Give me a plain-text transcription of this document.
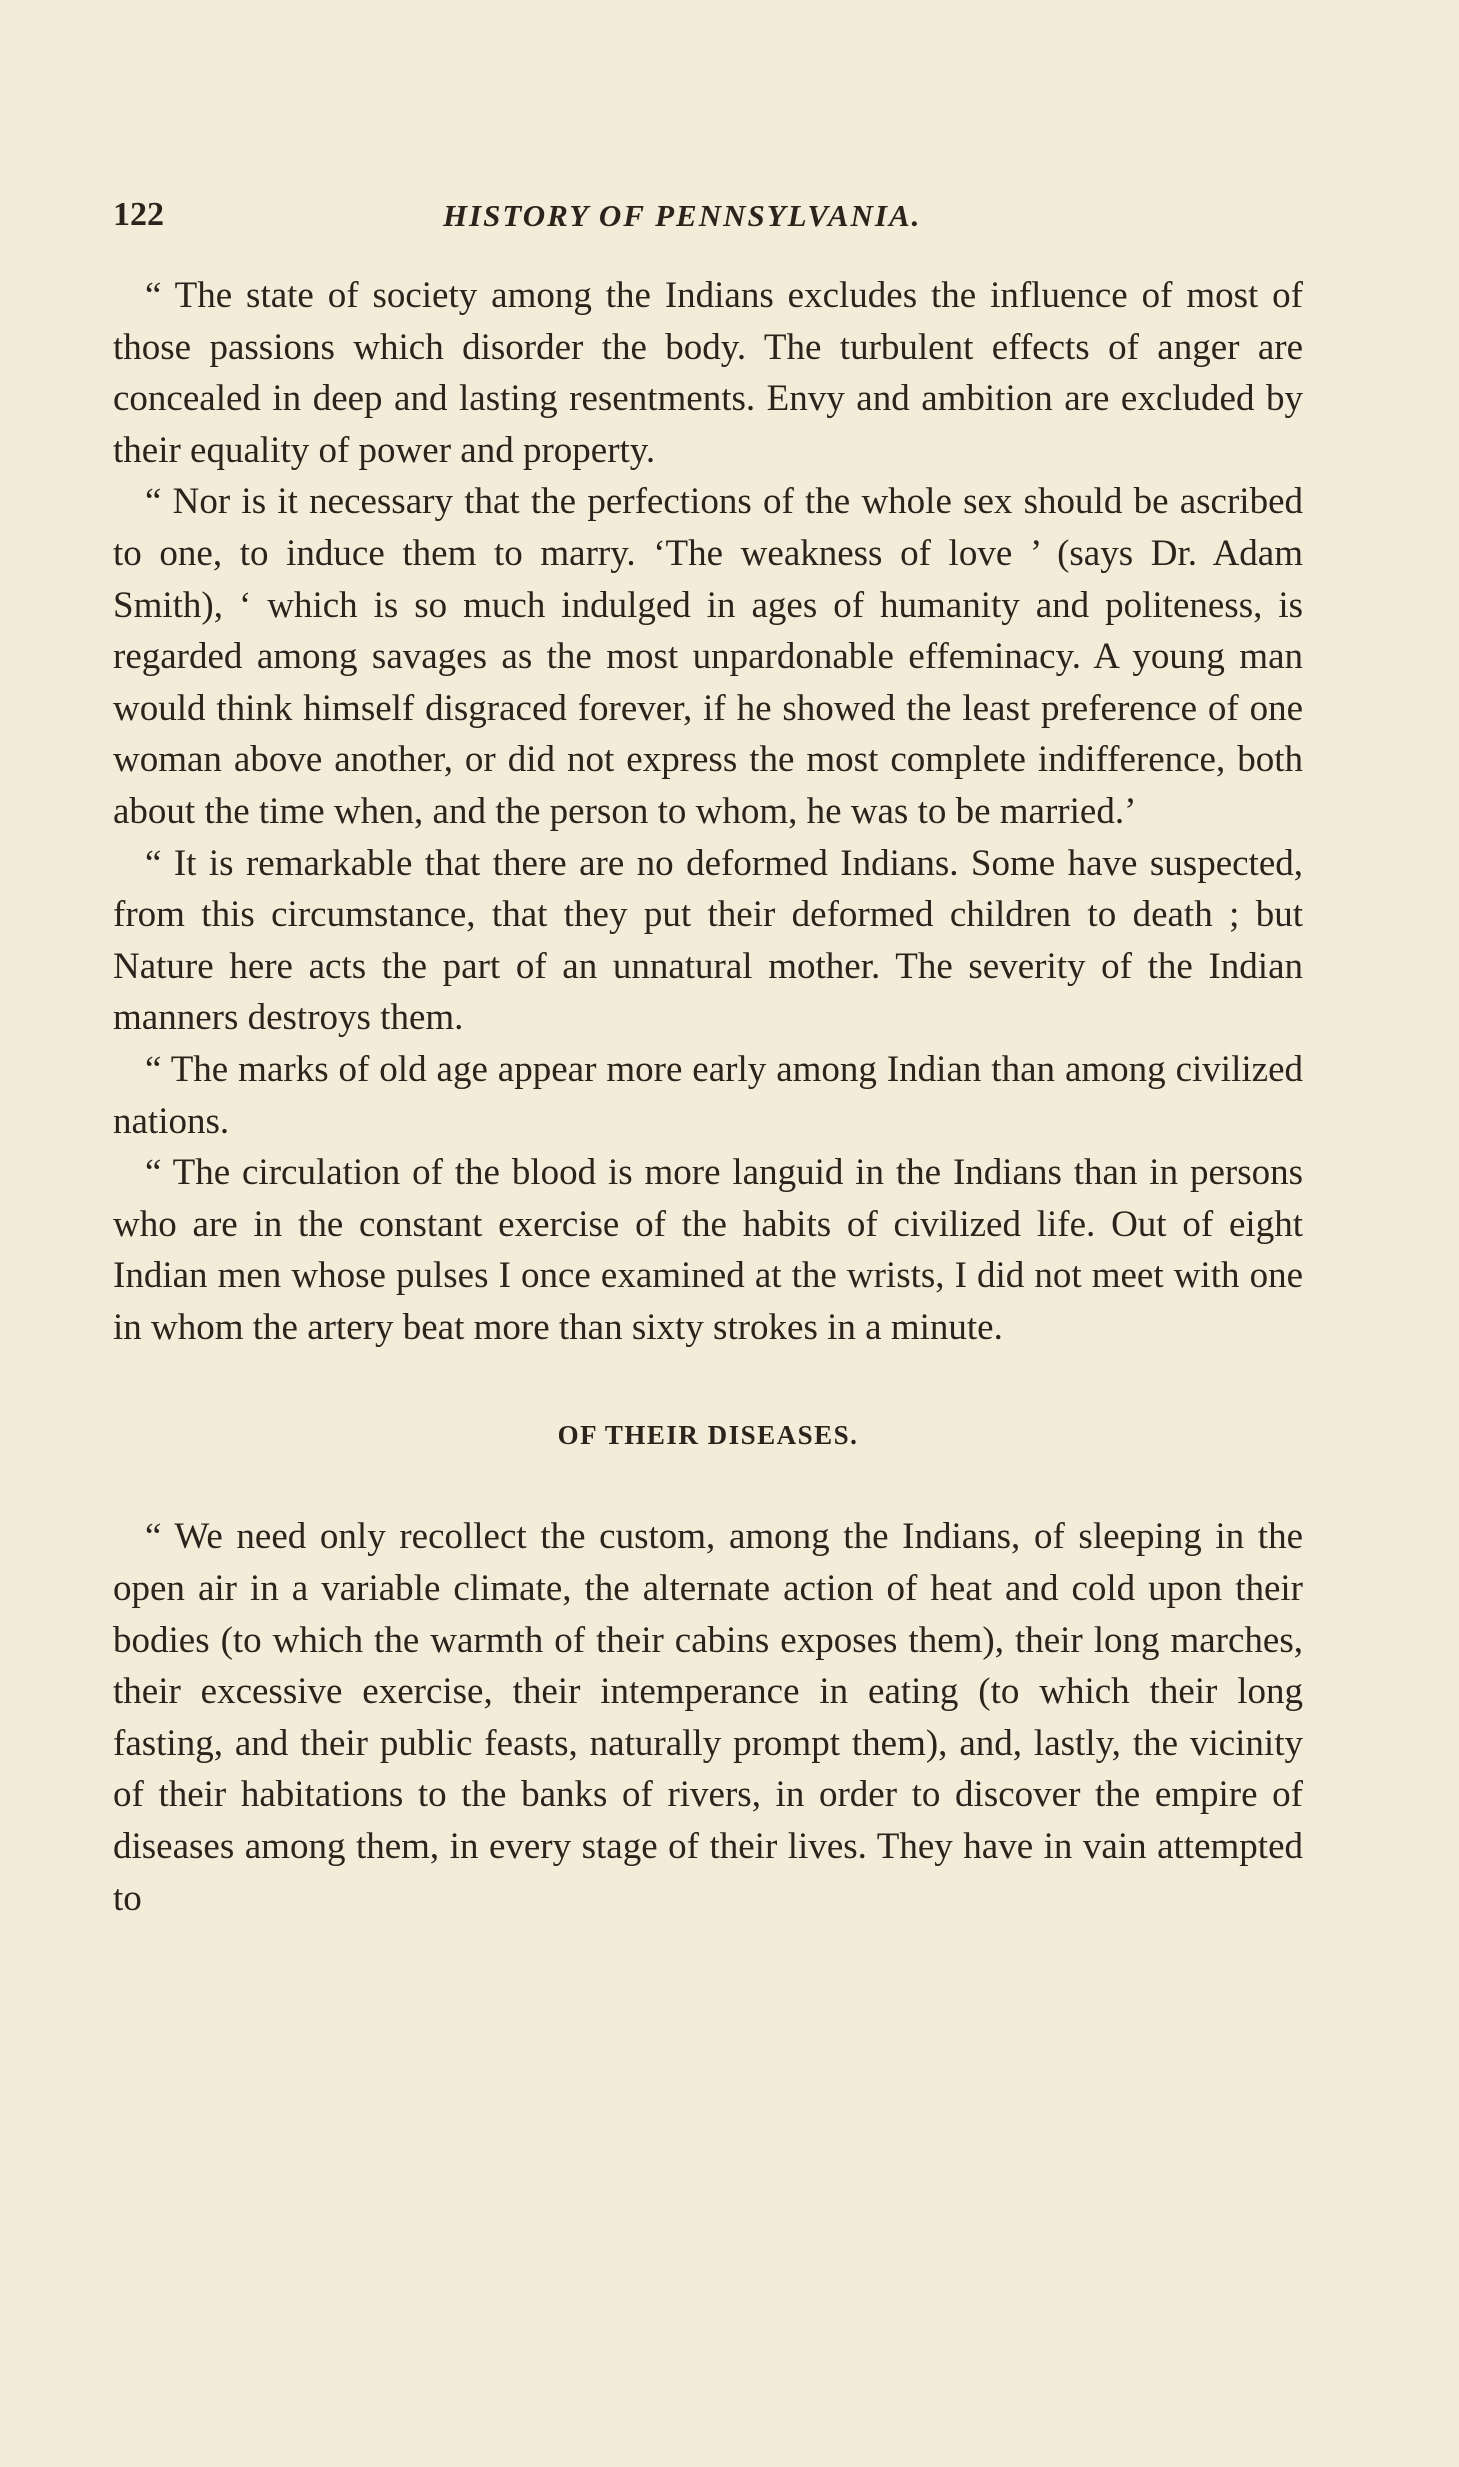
122	HISTORY OF PENNSYLVANIA.

“ The state of society among the Indians excludes the influence of most of those passions which disorder the body. The turbulent effects of anger are concealed in deep and lasting resentments. Envy and ambition are excluded by their equality of power and property.

“ Nor is it necessary that the perfections of the whole sex should be ascribed to one, to induce them to marry. ‘The weakness of love ’ (says Dr. Adam Smith), ‘ which is so much indulged in ages of humanity and politeness, is regarded among savages as the most unpardonable effeminacy. A young man would think himself disgraced forever, if he showed the least preference of one woman above another, or did not express the most complete indifference, both about the time when, and the person to whom, he was to be married.’

“ It is remarkable that there are no deformed Indians. Some have suspected, from this circumstance, that they put their deformed children to death ; but Nature here acts the part of an unnatural mother. The severity of the Indian manners destroys them.

“ The marks of old age appear more early among Indian than among civilized nations.

“ The circulation of the blood is more languid in the Indians than in persons who are in the constant exercise of the habits of civilized life. Out of eight Indian men whose pulses I once examined at the wrists, I did not meet with one in whom the artery beat more than sixty strokes in a minute.

OF THEIR DISEASES.

“ We need only recollect the custom, among the Indians, of sleeping in the open air in a variable climate, the alternate action of heat and cold upon their bodies (to which the warmth of their cabins exposes them), their long marches, their excessive exercise, their intemperance in eating (to which their long fasting, and their public feasts, naturally prompt them), and, lastly, the vicinity of their habitations to the banks of rivers, in order to discover the empire of diseases among them, in every stage of their lives. They have in vain attempted to
